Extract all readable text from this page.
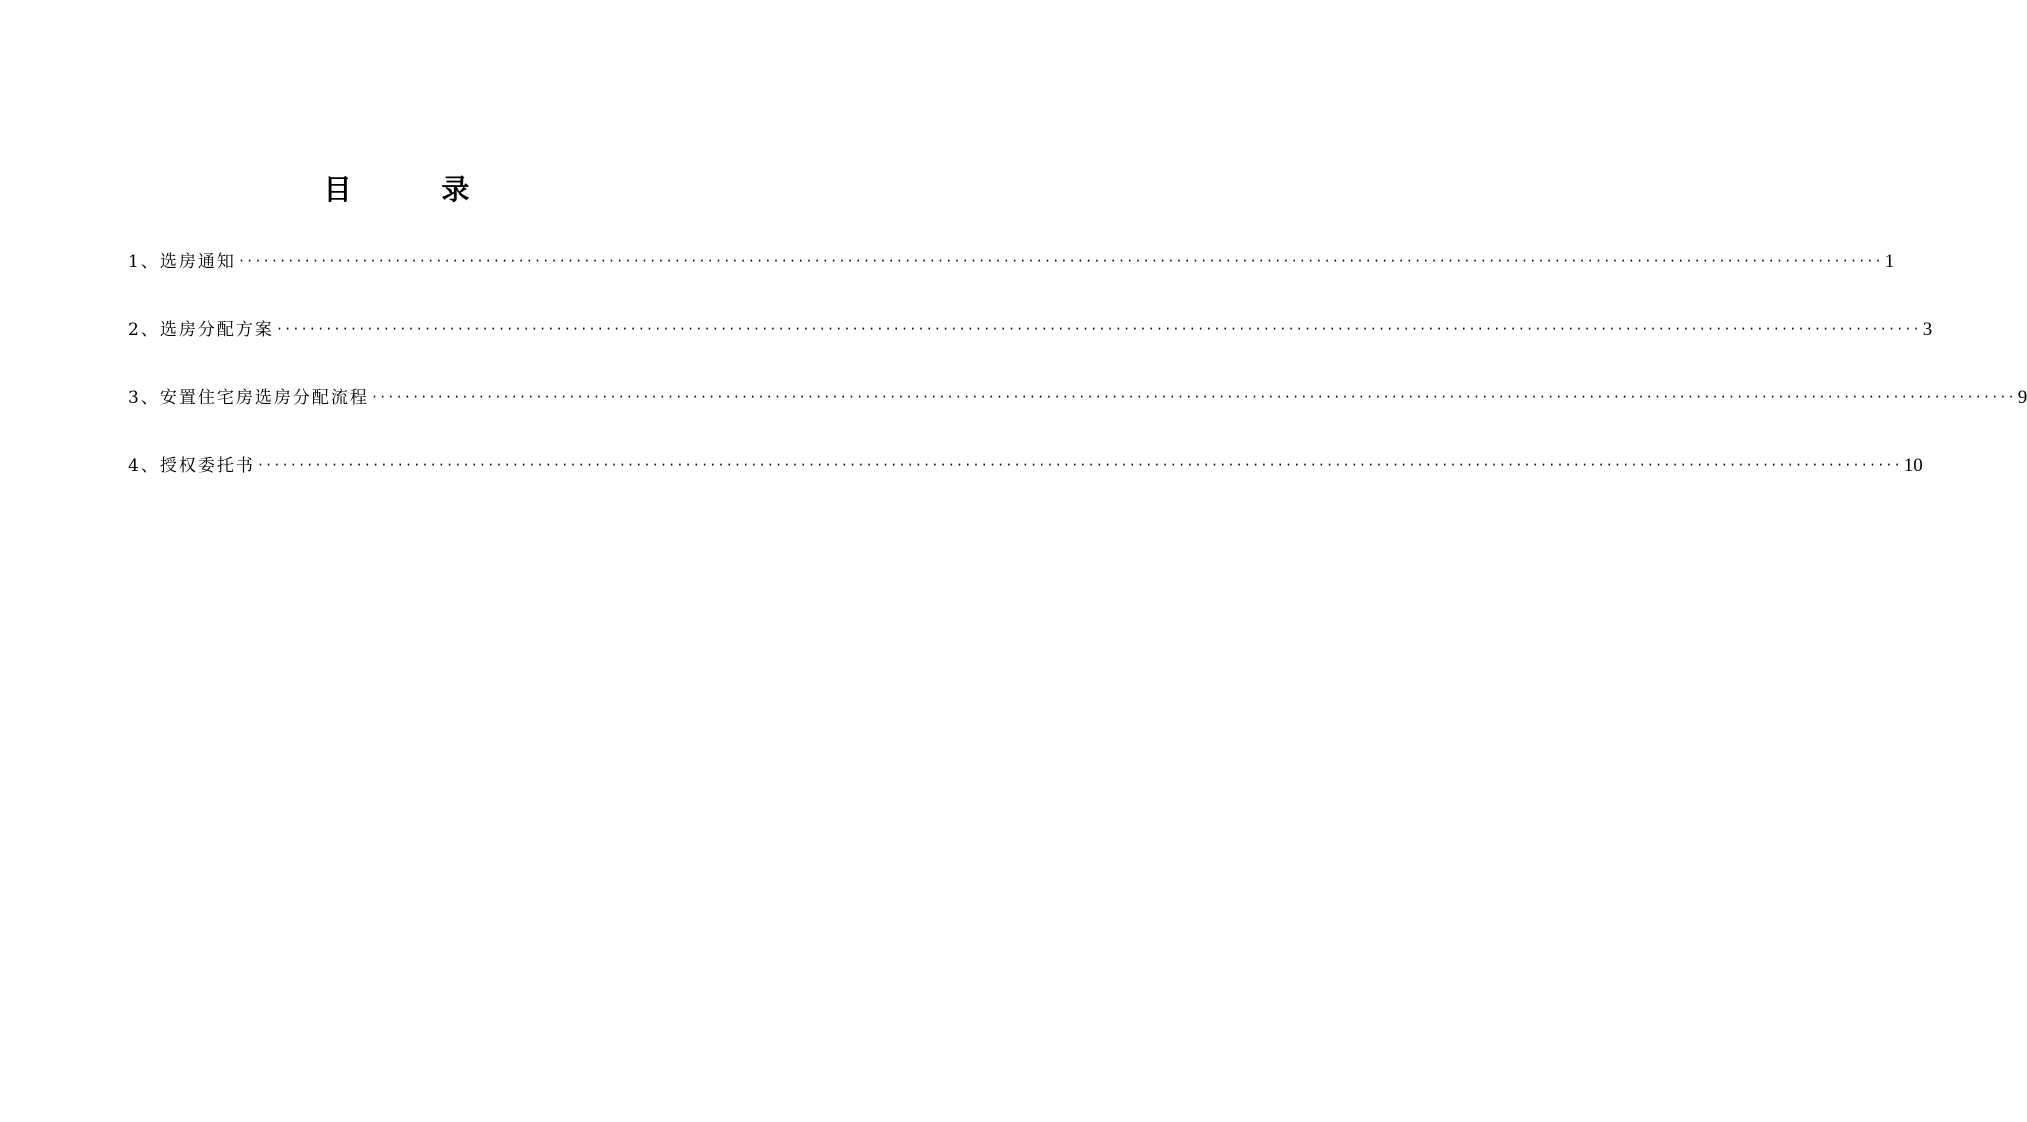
目 录
1、选房通知 ········································································································································································································ 1
2、选房分配方案 ········································································································································································································ 3
3、安置住宅房选房分配流程 ········································································································································································································ 9
4、授权委托书 ········································································································································································································ 10
